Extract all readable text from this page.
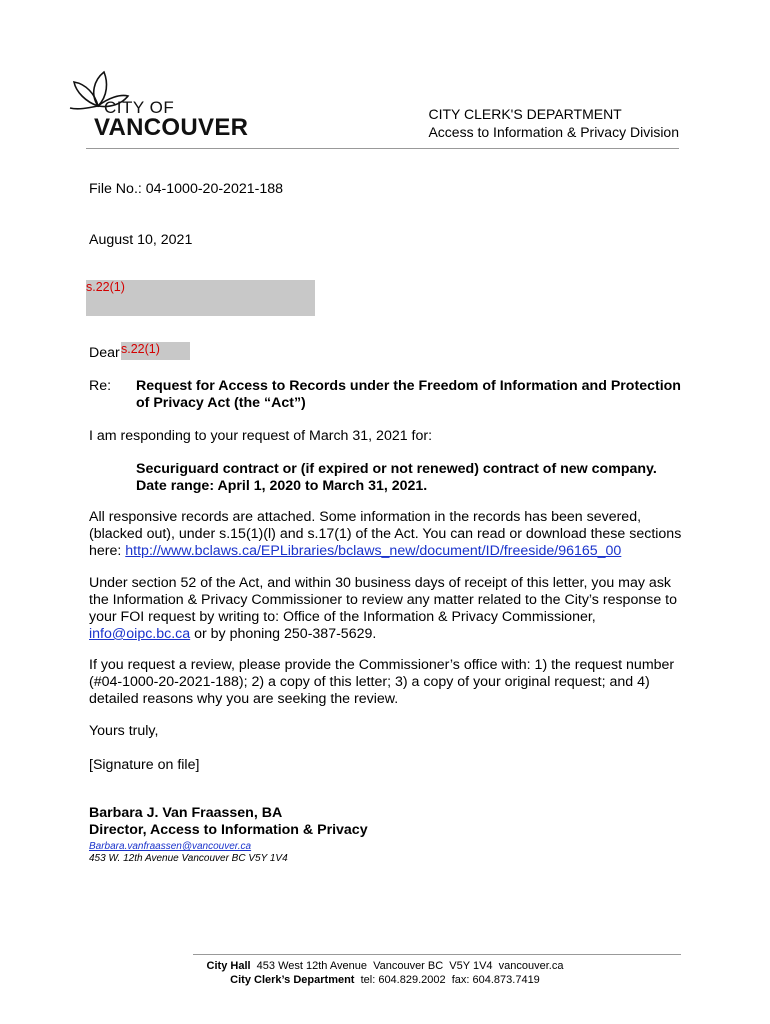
CITY OF
VANCOUVER	CITY CLERK'S DEPARTMENT
Access to Information & Privacy Division
File No.: 04-1000-20-2021-188
August 10, 2021
s.22(1)
Dear s.22(1)
Re: Request for Access to Records under the Freedom of Information and Protection of Privacy Act (the “Act”)
I am responding to your request of March 31, 2021 for:
Securiguard contract or (if expired or not renewed) contract of new company. Date range: April 1, 2020 to March 31, 2021.
All responsive records are attached. Some information in the records has been severed, (blacked out), under s.15(1)(l) and s.17(1) of the Act. You can read or download these sections here: http://www.bclaws.ca/EPLibraries/bclaws_new/document/ID/freeside/96165_00
Under section 52 of the Act, and within 30 business days of receipt of this letter, you may ask the Information & Privacy Commissioner to review any matter related to the City’s response to your FOI request by writing to: Office of the Information & Privacy Commissioner, info@oipc.bc.ca or by phoning 250-387-5629.
If you request a review, please provide the Commissioner’s office with: 1) the request number (#04-1000-20-2021-188); 2) a copy of this letter; 3) a copy of your original request; and 4) detailed reasons why you are seeking the review.
Yours truly,
[Signature on file]
Barbara J. Van Fraassen, BA
Director, Access to Information & Privacy
Barbara.vanfraassen@vancouver.ca
453 W. 12th Avenue Vancouver BC V5Y 1V4
City Hall  453 West 12th Avenue  Vancouver BC  V5Y 1V4  vancouver.ca
City Clerk’s Department  tel: 604.829.2002  fax: 604.873.7419
